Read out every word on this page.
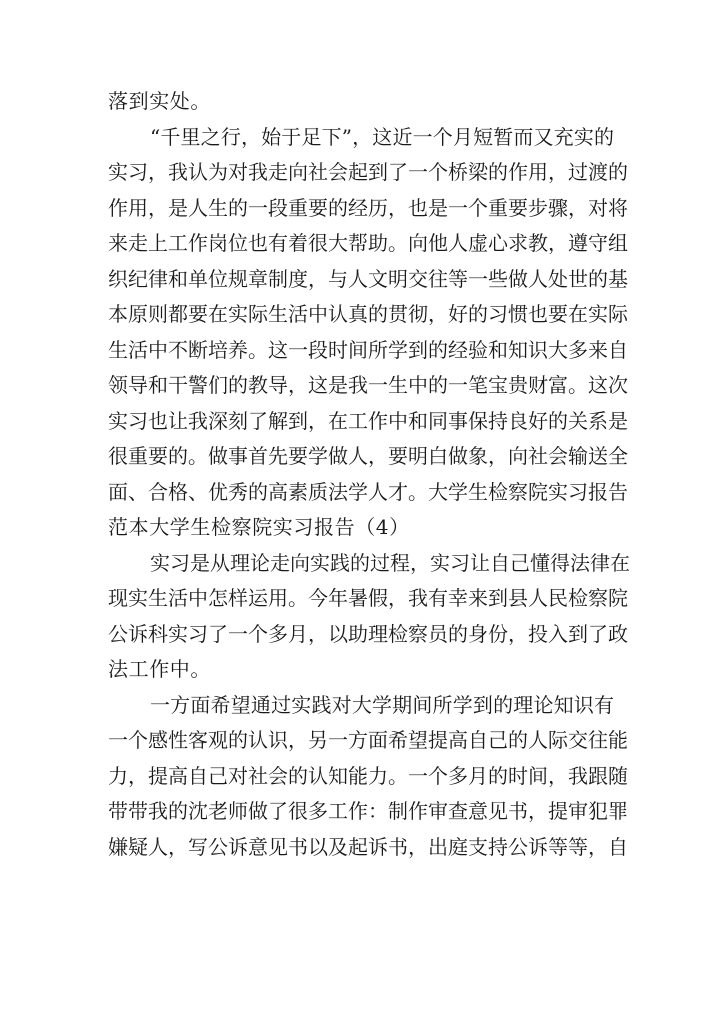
落到实处。
“千里之行，始于足下”，这近一个月短暂而又充实的
实习，我认为对我走向社会起到了一个桥梁的作用，过渡的
作用，是人生的一段重要的经历，也是一个重要步骤，对将
来走上工作岗位也有着很大帮助。向他人虚心求教，遵守组
织纪律和单位规章制度，与人文明交往等一些做人处世的基
本原则都要在实际生活中认真的贯彻，好的习惯也要在实际
生活中不断培养。这一段时间所学到的经验和知识大多来自
领导和干警们的教导，这是我一生中的一笔宝贵财富。这次
实习也让我深刻了解到，在工作中和同事保持良好的关系是
很重要的。做事首先要学做人，要明白做象，向社会输送全
面、合格、优秀的高素质法学人才。大学生检察院实习报告
范本大学生检察院实习报告（4）
实习是从理论走向实践的过程，实习让自己懂得法律在
现实生活中怎样运用。今年暑假，我有幸来到县人民检察院
公诉科实习了一个多月，以助理检察员的身份，投入到了政
法工作中。
一方面希望通过实践对大学期间所学到的理论知识有
一个感性客观的认识，另一方面希望提高自己的人际交往能
力，提高自己对社会的认知能力。一个多月的时间，我跟随
带带我的沈老师做了很多工作：制作审查意见书，提审犯罪
嫌疑人，写公诉意见书以及起诉书，出庭支持公诉等等，自
